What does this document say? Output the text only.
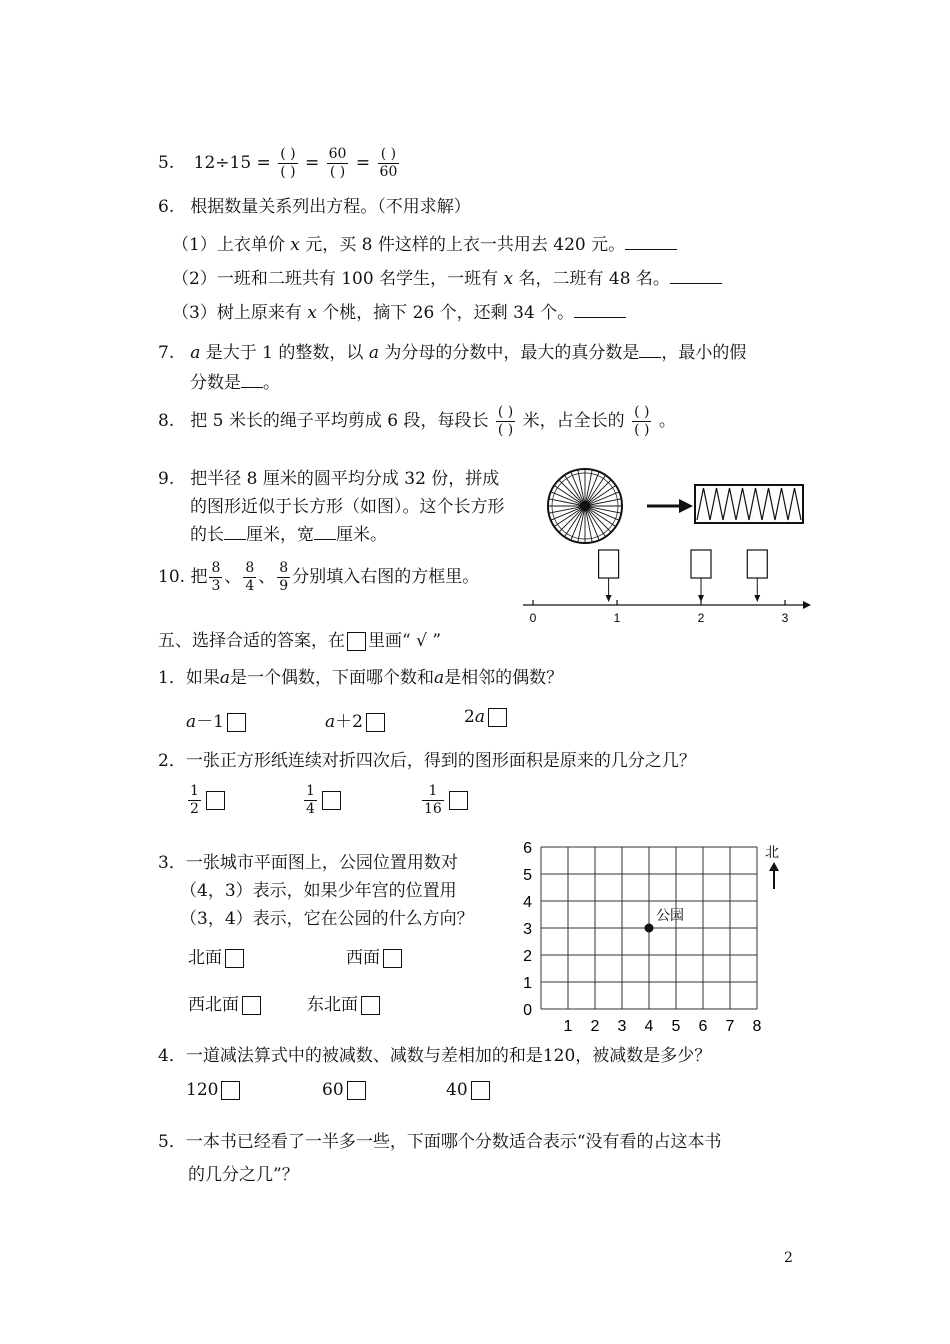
5. $12\div 15 = \frac{( )}{( )} = \frac{60}{( )} = \frac{( )}{60}$
6. 根据数量关系列出方程。（不用求解）
（1）上衣单价 x 元，买 8 件这样的上衣一共用去 420 元。
（2）一班和二班共有 100 名学生，一班有 x 名，二班有 48 名。
（3）树上原来有 x 个桃，摘下 26 个，还剩 34 个。
7. a 是大于 1 的整数，以 a 为分母的分数中，最大的真分数是 ，最小的假
分数是 。
8. 把 5 米长的绳子平均剪成 6 段，每段长 $\frac{( )}{( )}$ 米，占全长的 $\frac{( )}{( )}$ 。
9. 把半径 8 厘米的圆平均分成 32 份，拼成
的图形近似于长方形（如图）。这个长方形
的长 厘米，宽 厘米。
10. 把 $\frac{8}{3}$ 、 $\frac{8}{4}$ 、 $\frac{8}{9}$ 分别填入右图的方框里。
0	1	2	3
五、选择合适的答案，在 里画“ √ ”
1．如果a是一个偶数，下面哪个数和a是相邻的偶数？
a－1	a＋2	2a
2．一张正方形纸连续对折四次后，得到的图形面积是原来的几分之几？
$\frac{1}{2}$	$\frac{1}{4}$	$\frac{1}{16}$
3．一张城市平面图上，公园位置用数对
（4，3）表示，如果少年宫的位置用
（3，4）表示，它在公园的什么方向？
北面	西面
西北面	东北面
1 2 3 4 5 6 7 8
0
1
2
3
4
5
6
公园
北
4．一道减法算式中的被减数、减数与差相加的和是120，被减数是多少？
120	60	40
5．一本书已经看了一半多一些，下面哪个分数适合表示“没有看的占这本书
的几分之几”？
2
